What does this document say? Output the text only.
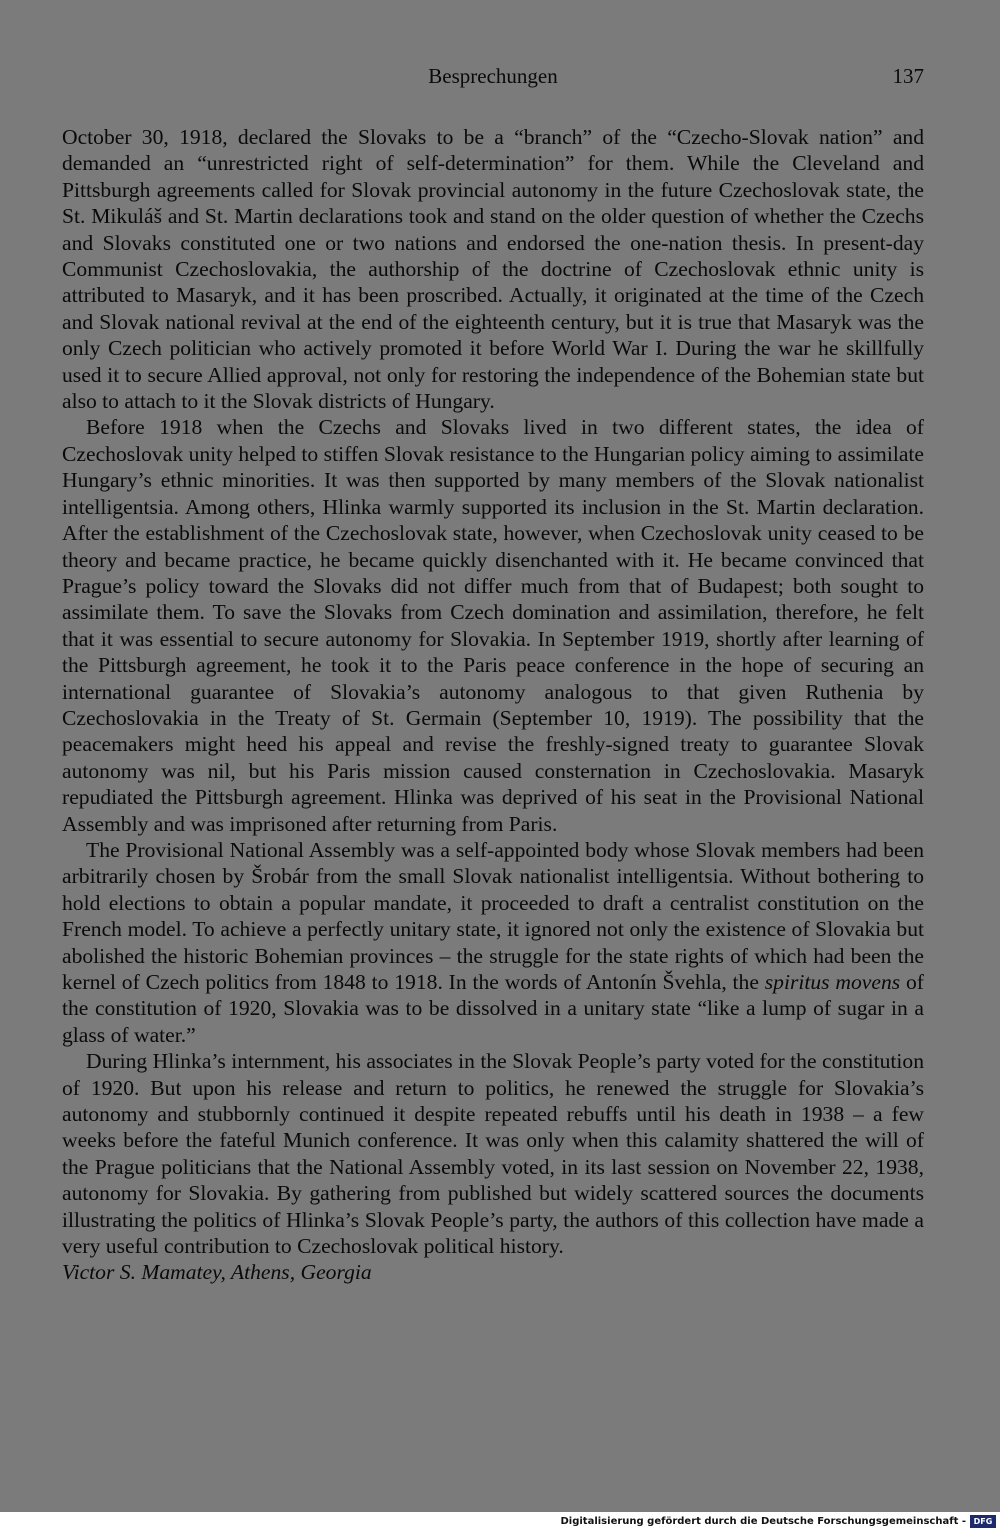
Besprechungen	137

October 30, 1918, declared the Slovaks to be a “branch” of the “Czecho-Slovak nation” and demanded an “unrestricted right of self-determination” for them. While the Cleveland and Pittsburgh agreements called for Slovak provincial autonomy in the future Czechoslovak state, the St. Mikuláš and St. Martin declarations took and stand on the older question of whether the Czechs and Slovaks constituted one or two nations and endorsed the one-nation thesis. In present-day Communist Czechoslovakia, the authorship of the doctrine of Czechoslovak ethnic unity is attributed to Masaryk, and it has been proscribed. Actually, it originated at the time of the Czech and Slovak national revival at the end of the eighteenth century, but it is true that Masaryk was the only Czech politician who actively promoted it before World War I. During the war he skillfully used it to secure Allied approval, not only for restoring the independence of the Bohemian state but also to attach to it the Slovak districts of Hungary.

Before 1918 when the Czechs and Slovaks lived in two different states, the idea of Czechoslovak unity helped to stiffen Slovak resistance to the Hungarian policy aiming to assimilate Hungary’s ethnic minorities. It was then supported by many members of the Slovak nationalist intelligentsia. Among others, Hlinka warmly supported its inclusion in the St. Martin declaration. After the establishment of the Czechoslovak state, however, when Czechoslovak unity ceased to be theory and became practice, he became quickly disenchanted with it. He became convinced that Prague’s policy toward the Slovaks did not differ much from that of Budapest; both sought to assimilate them. To save the Slovaks from Czech domination and assimilation, therefore, he felt that it was essential to secure autonomy for Slovakia. In September 1919, shortly after learning of the Pittsburgh agreement, he took it to the Paris peace conference in the hope of securing an international guarantee of Slovakia’s autonomy analogous to that given Ruthenia by Czechoslovakia in the Treaty of St. Germain (September 10, 1919). The possibility that the peacemakers might heed his appeal and revise the freshly-signed treaty to guarantee Slovak autonomy was nil, but his Paris mission caused consternation in Czechoslovakia. Masaryk repudiated the Pittsburgh agreement. Hlinka was deprived of his seat in the Provisional National Assembly and was imprisoned after returning from Paris.

The Provisional National Assembly was a self-appointed body whose Slovak members had been arbitrarily chosen by Šrobár from the small Slovak nationalist intelligentsia. Without bothering to hold elections to obtain a popular mandate, it proceeded to draft a centralist constitution on the French model. To achieve a perfectly unitary state, it ignored not only the existence of Slovakia but abolished the historic Bohemian provinces – the struggle for the state rights of which had been the kernel of Czech politics from 1848 to 1918. In the words of Antonín Švehla, the spiritus movens of the constitution of 1920, Slovakia was to be dissolved in a unitary state “like a lump of sugar in a glass of water.”

During Hlinka’s internment, his associates in the Slovak People’s party voted for the constitution of 1920. But upon his release and return to politics, he renewed the struggle for Slovakia’s autonomy and stubbornly continued it despite repeated rebuffs until his death in 1938 – a few weeks before the fateful Munich conference. It was only when this calamity shattered the will of the Prague politicians that the National Assembly voted, in its last session on November 22, 1938, autonomy for Slovakia. By gathering from published but widely scattered sources the documents illustrating the politics of Hlinka’s Slovak People’s party, the authors of this collection have made a very useful contribution to Czechoslovak political history.

Victor S. Mamatey, Athens, Georgia

Digitalisierung gefördert durch die Deutsche Forschungsgemeinschaft - DFG
